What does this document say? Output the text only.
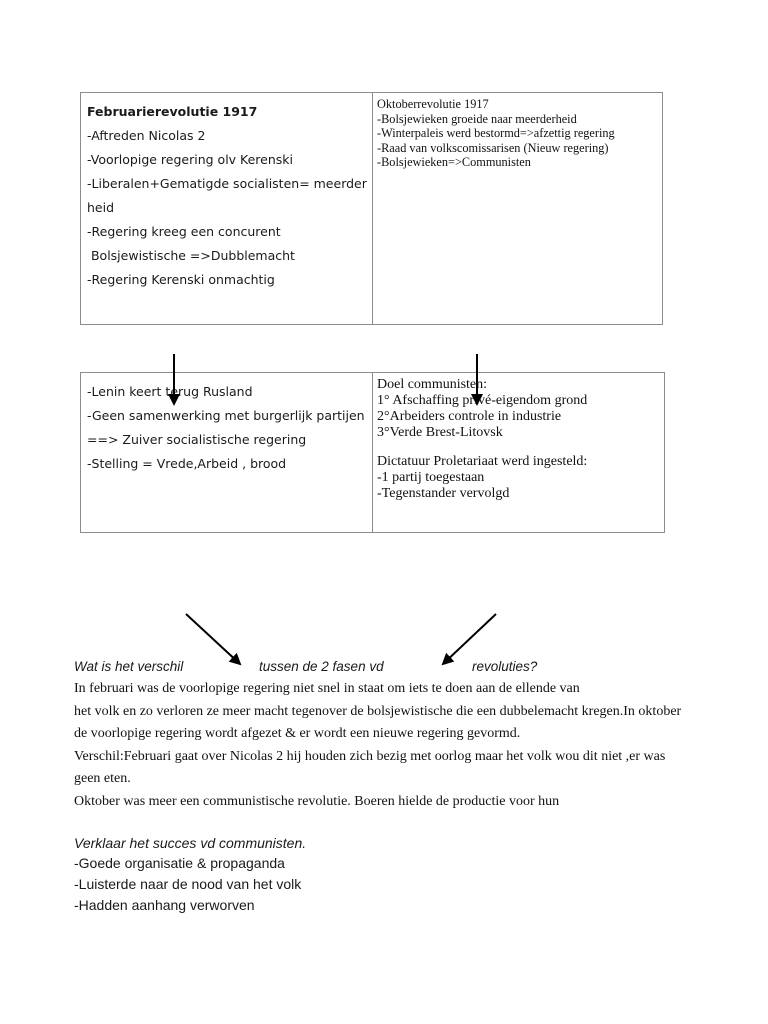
Februarierevolutie 1917
-Aftreden Nicolas 2
-Voorlopige regering olv Kerenski
-Liberalen+Gematigde socialisten= meerder
heid
-Regering kreeg een concurent
Bolsjewistische =>Dubblemacht
-Regering Kerenski onmachtig
Oktoberrevolutie 1917
-Bolsjewieken groeide naar meerderheid
-Winterpaleis werd bestormd=>afzettig regering
-Raad van volkscomissarisen (Nieuw regering)
-Bolsjewieken=>Communisten
-Lenin keert terug Rusland
-Geen samenwerking met burgerlijk partijen
==> Zuiver socialistische regering
-Stelling = Vrede,Arbeid , brood
Doel communisten:
1° Afschaffing privé-eigendom grond
2°Arbeiders controle in industrie
3°Verde Brest-Litovsk
Dictatuur Proletariaat werd ingesteld:
-1 partij toegestaan
-Tegenstander vervolgd
Wat is het verschil	tussen de 2 fasen vd	revoluties?
In februari was de voorlopige regering niet snel in staat om iets te doen aan de ellende van
het volk en zo verloren ze meer macht tegenover de bolsjewistische die een dubbelemacht kregen.In oktober
de voorlopige regering wordt afgezet & er wordt een nieuwe regering gevormd.
Verschil:Februari gaat over Nicolas 2 hij houden zich bezig met oorlog maar het volk wou dit niet ,er was
geen eten.
Oktober was meer een communistische revolutie. Boeren hielde de productie voor hun
Verklaar het succes vd communisten.
-Goede organisatie & propaganda
-Luisterde naar de nood van het volk
-Hadden aanhang verworven
